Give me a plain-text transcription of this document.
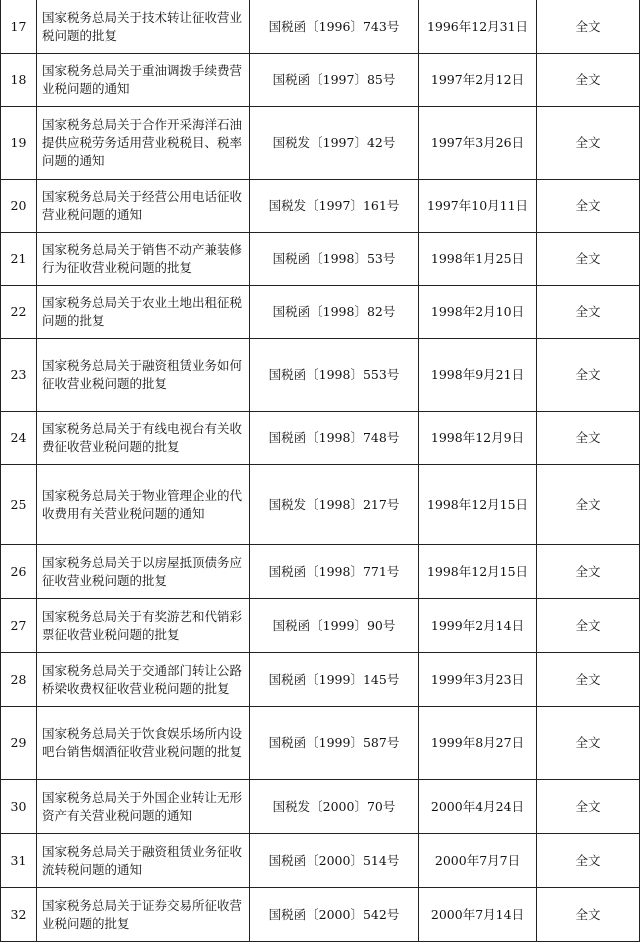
17	国家税务总局关于技术转让征收营业税问题的批复	国税函〔1996〕743号	1996年12月31日	全文
18	国家税务总局关于重油调拨手续费营业税问题的通知	国税函〔1997〕85号	1997年2月12日	全文
19	国家税务总局关于合作开采海洋石油提供应税劳务适用营业税税目、税率问题的通知	国税发〔1997〕42号	1997年3月26日	全文
20	国家税务总局关于经营公用电话征收营业税问题的通知	国税发〔1997〕161号	1997年10月11日	全文
21	国家税务总局关于销售不动产兼装修行为征收营业税问题的批复	国税函〔1998〕53号	1998年1月25日	全文
22	国家税务总局关于农业土地出租征税问题的批复	国税函〔1998〕82号	1998年2月10日	全文
23	国家税务总局关于融资租赁业务如何征收营业税问题的批复	国税函〔1998〕553号	1998年9月21日	全文
24	国家税务总局关于有线电视台有关收费征收营业税问题的批复	国税函〔1998〕748号	1998年12月9日	全文
25	国家税务总局关于物业管理企业的代收费用有关营业税问题的通知	国税发〔1998〕217号	1998年12月15日	全文
26	国家税务总局关于以房屋抵顶债务应征收营业税问题的批复	国税函〔1998〕771号	1998年12月15日	全文
27	国家税务总局关于有奖游艺和代销彩票征收营业税问题的批复	国税函〔1999〕90号	1999年2月14日	全文
28	国家税务总局关于交通部门转让公路桥梁收费权征收营业税问题的批复	国税函〔1999〕145号	1999年3月23日	全文
29	国家税务总局关于饮食娱乐场所内设吧台销售烟酒征收营业税问题的批复	国税函〔1999〕587号	1999年8月27日	全文
30	国家税务总局关于外国企业转让无形资产有关营业税问题的通知	国税发〔2000〕70号	2000年4月24日	全文
31	国家税务总局关于融资租赁业务征收流转税问题的通知	国税函〔2000〕514号	2000年7月7日	全文
32	国家税务总局关于证券交易所征收营业税问题的批复	国税函〔2000〕542号	2000年7月14日	全文
